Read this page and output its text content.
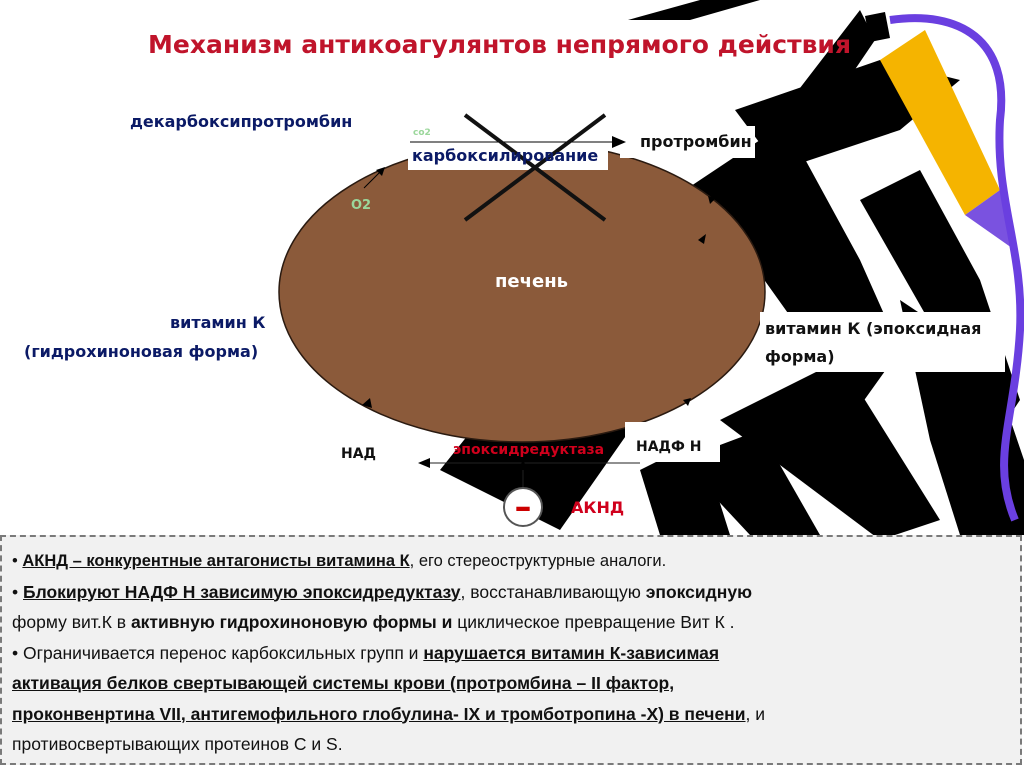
Механизм антикоагулянтов непрямого действия
декарбоксипротромбин
co2
карбоксилирование
протромбин
O2
печень
витамин К
(гидрохиноновая форма)
витамин К (эпоксидная
форма)
НАД	эпоксидредуктаза НАДФ Н
–	АКНД

• АКНД – конкурентные антагонисты витамина К, его стереоструктурные аналоги.

• Блокируют НАДФ Н зависимую эпоксидредуктазу, восстанавливающую эпоксидную

форму вит.К в активную гидрохиноновую формы и циклическое превращение Вит К .

• Ограничивается перенос карбоксильных групп и нарушается витамин К-зависимая

активация белков свертывающей системы крови (протромбина – II фактор,

проконвенртина VII, антигемофильного глобулина- IX и тромботропина -X) в печени, и

противосвертывающих протеинов С и S.
